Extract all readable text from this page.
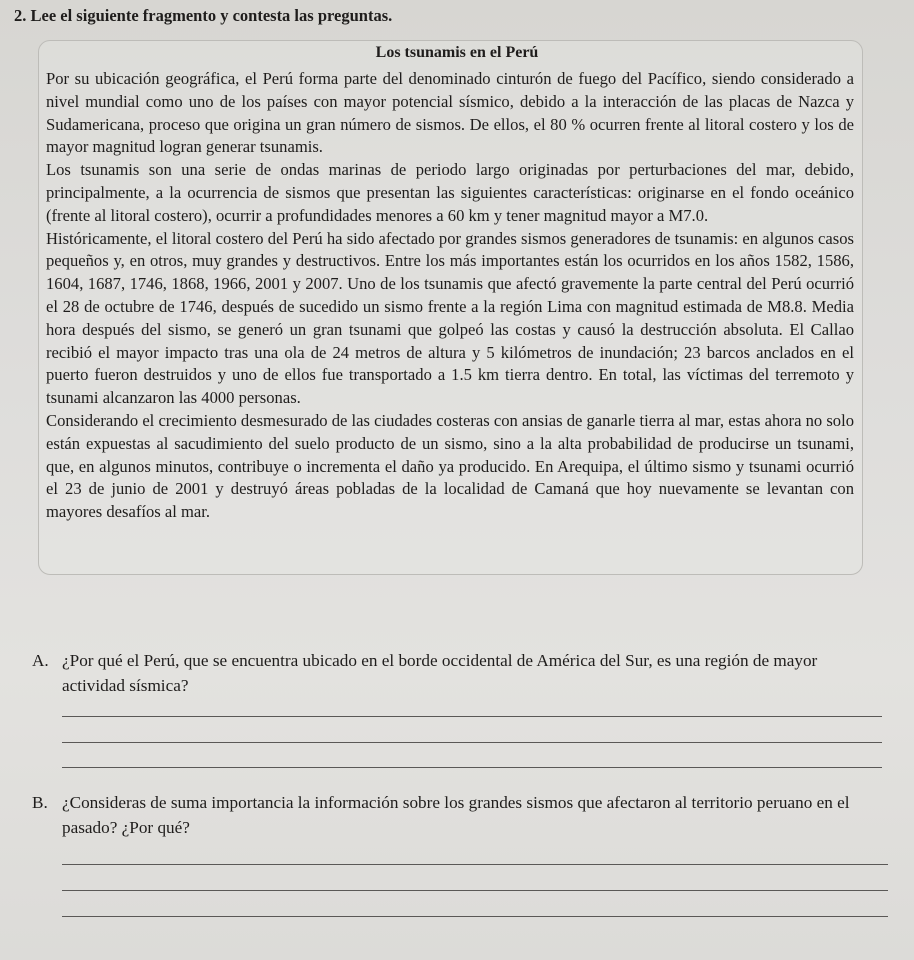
2. Lee el siguiente fragmento y contesta las preguntas.
Los tsunamis en el Perú

Por su ubicación geográfica, el Perú forma parte del denominado cinturón de fuego del Pacífico, siendo considerado a nivel mundial como uno de los países con mayor potencial sísmico, debido a la interacción de las placas de Nazca y Sudamericana, proceso que origina un gran número de sismos. De ellos, el 80 % ocurren frente al litoral costero y los de mayor magnitud logran generar tsunamis.

Los tsunamis son una serie de ondas marinas de periodo largo originadas por perturbaciones del mar, debido, principalmente, a la ocurrencia de sismos que presentan las siguientes características: originarse en el fondo oceánico (frente al litoral costero), ocurrir a profundidades menores a 60 km y tener magnitud mayor a M7.0.

Históricamente, el litoral costero del Perú ha sido afectado por grandes sismos generadores de tsunamis: en algunos casos pequeños y, en otros, muy grandes y destructivos. Entre los más importantes están los ocurridos en los años 1582, 1586, 1604, 1687, 1746, 1868, 1966, 2001 y 2007. Uno de los tsunamis que afectó gravemente la parte central del Perú ocurrió el 28 de octubre de 1746, después de sucedido un sismo frente a la región Lima con magnitud estimada de M8.8. Media hora después del sismo, se generó un gran tsunami que golpeó las costas y causó la destrucción absoluta. El Callao recibió el mayor impacto tras una ola de 24 metros de altura y 5 kilómetros de inundación; 23 barcos anclados en el puerto fueron destruidos y uno de ellos fue transportado a 1.5 km tierra dentro. En total, las víctimas del terremoto y tsunami alcanzaron las 4000 personas.

Considerando el crecimiento desmesurado de las ciudades costeras con ansias de ganarle tierra al mar, estas ahora no solo están expuestas al sacudimiento del suelo producto de un sismo, sino a la alta probabilidad de producirse un tsunami, que, en algunos minutos, contribuye o incrementa el daño ya producido. En Arequipa, el último sismo y tsunami ocurrió el 23 de junio de 2001 y destruyó áreas pobladas de la localidad de Camaná que hoy nuevamente se levantan con mayores desafíos al mar.

A. ¿Por qué el Perú, que se encuentra ubicado en el borde occidental de América del Sur, es una región de mayor actividad sísmica?
B. ¿Consideras de suma importancia la información sobre los grandes sismos que afectaron al territorio peruano en el pasado? ¿Por qué?
